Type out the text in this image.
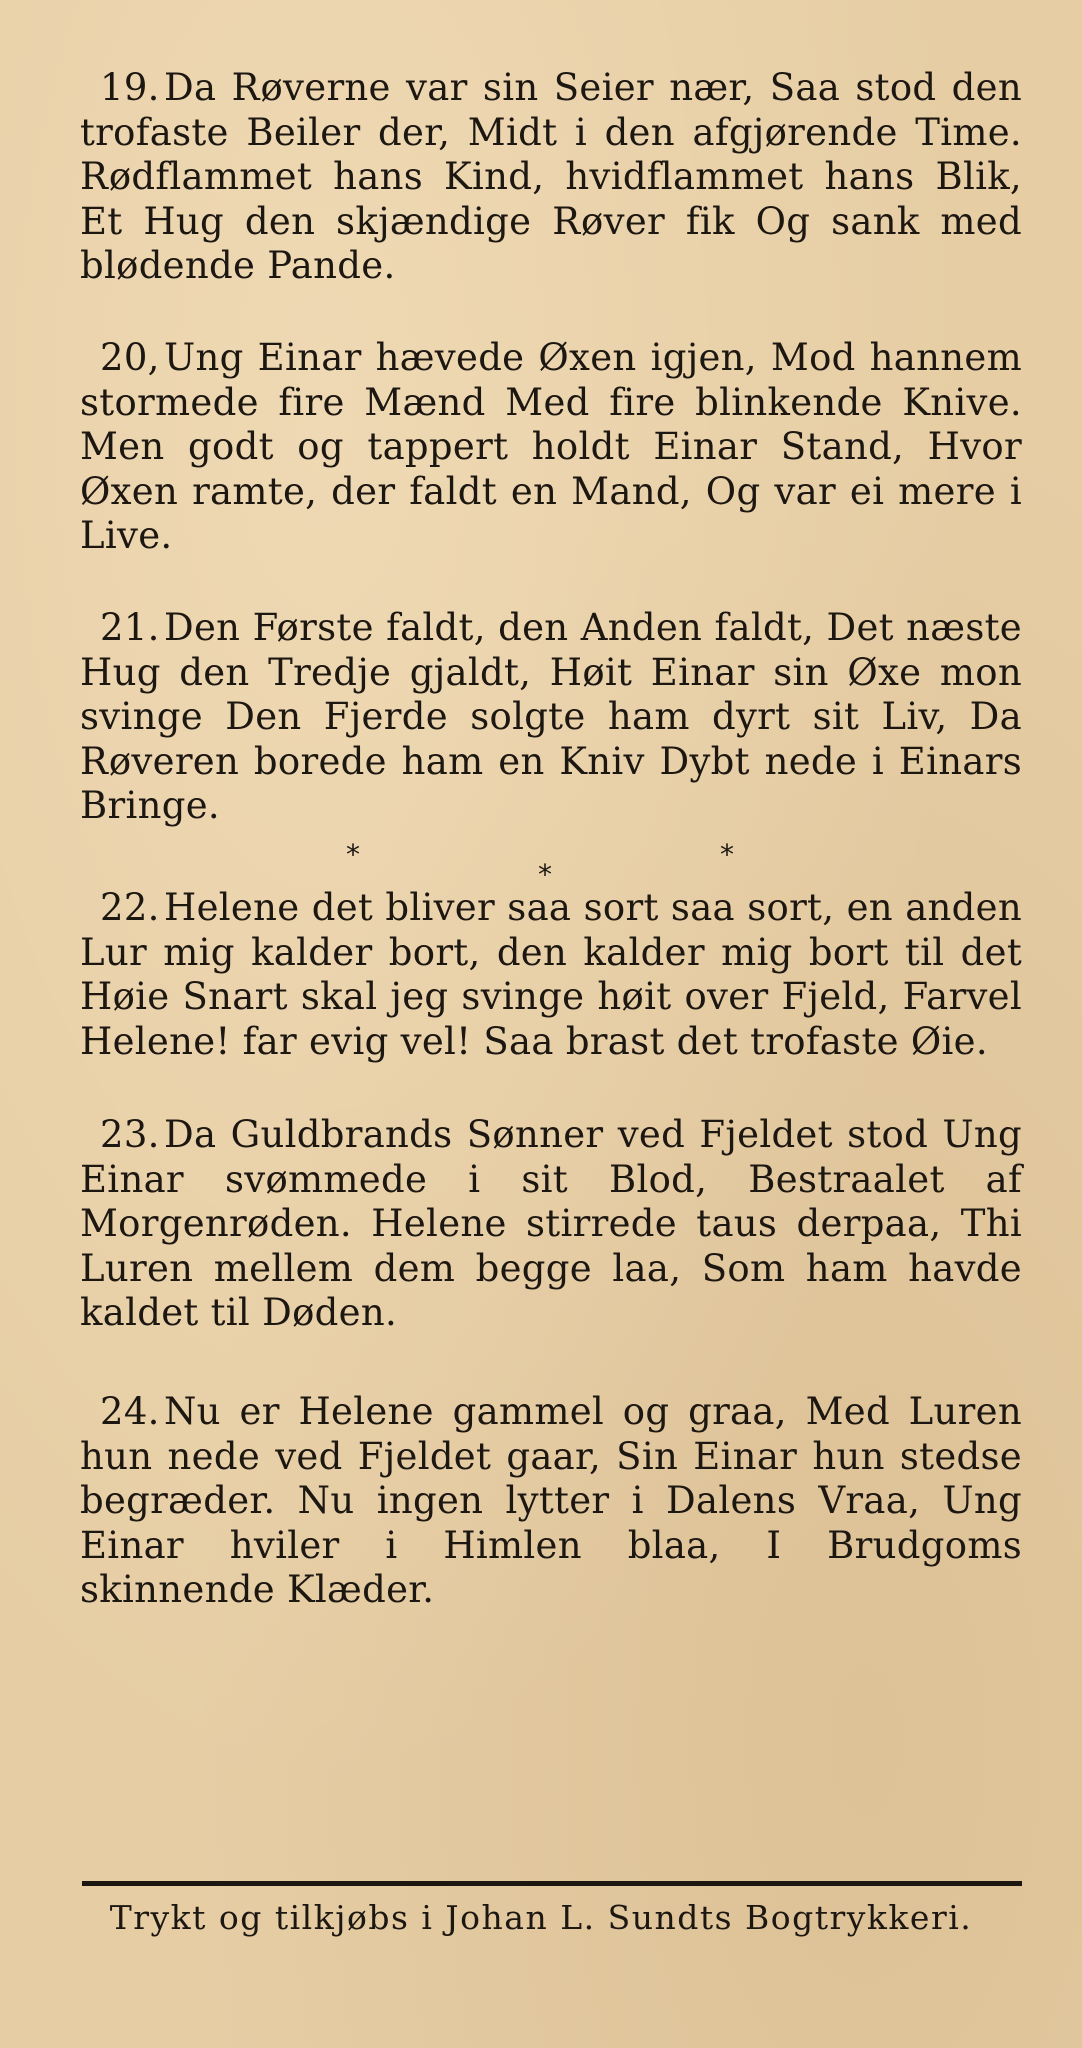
19. Da Røverne var sin Seier nær, Saa stod den trofaste Beiler der, Midt i den afgjørende Time. Rødflammet hans Kind, hvidflammet hans Blik, Et Hug den skjændige Røver fik Og sank med blødende Pande.
20, Ung Einar hævede Øxen igjen, Mod hannem stormede fire Mænd Med fire blinkende Knive. Men godt og tappert holdt Einar Stand, Hvor Øxen ramte, der faldt en Mand, Og var ei mere i Live.
21. Den Første faldt, den Anden faldt, Det næste Hug den Tredje gjaldt, Høit Einar sin Øxe mon svinge Den Fjerde solgte ham dyrt sit Liv, Da Røveren borede ham en Kniv Dybt nede i Einars Bringe.
*
*
*
22. Helene det bliver saa sort saa sort, en anden Lur mig kalder bort, den kalder mig bort til det Høie Snart skal jeg svinge høit over Fjeld, Farvel Helene! far evig vel! Saa brast det trofaste Øie.
23. Da Guldbrands Sønner ved Fjeldet stod Ung Einar svømmede i sit Blod, Bestraalet af Morgenrøden. Helene stirrede taus derpaa, Thi Luren mellem dem begge laa, Som ham havde kaldet til Døden.
24. Nu er Helene gammel og graa, Med Luren hun nede ved Fjeldet gaar, Sin Einar hun stedse begræder. Nu ingen lytter i Dalens Vraa, Ung Einar hviler i Himlen blaa, I Brudgoms skinnende Klæder.
Trykt og tilkjøbs i Johan L. Sundts Bogtrykkeri.
